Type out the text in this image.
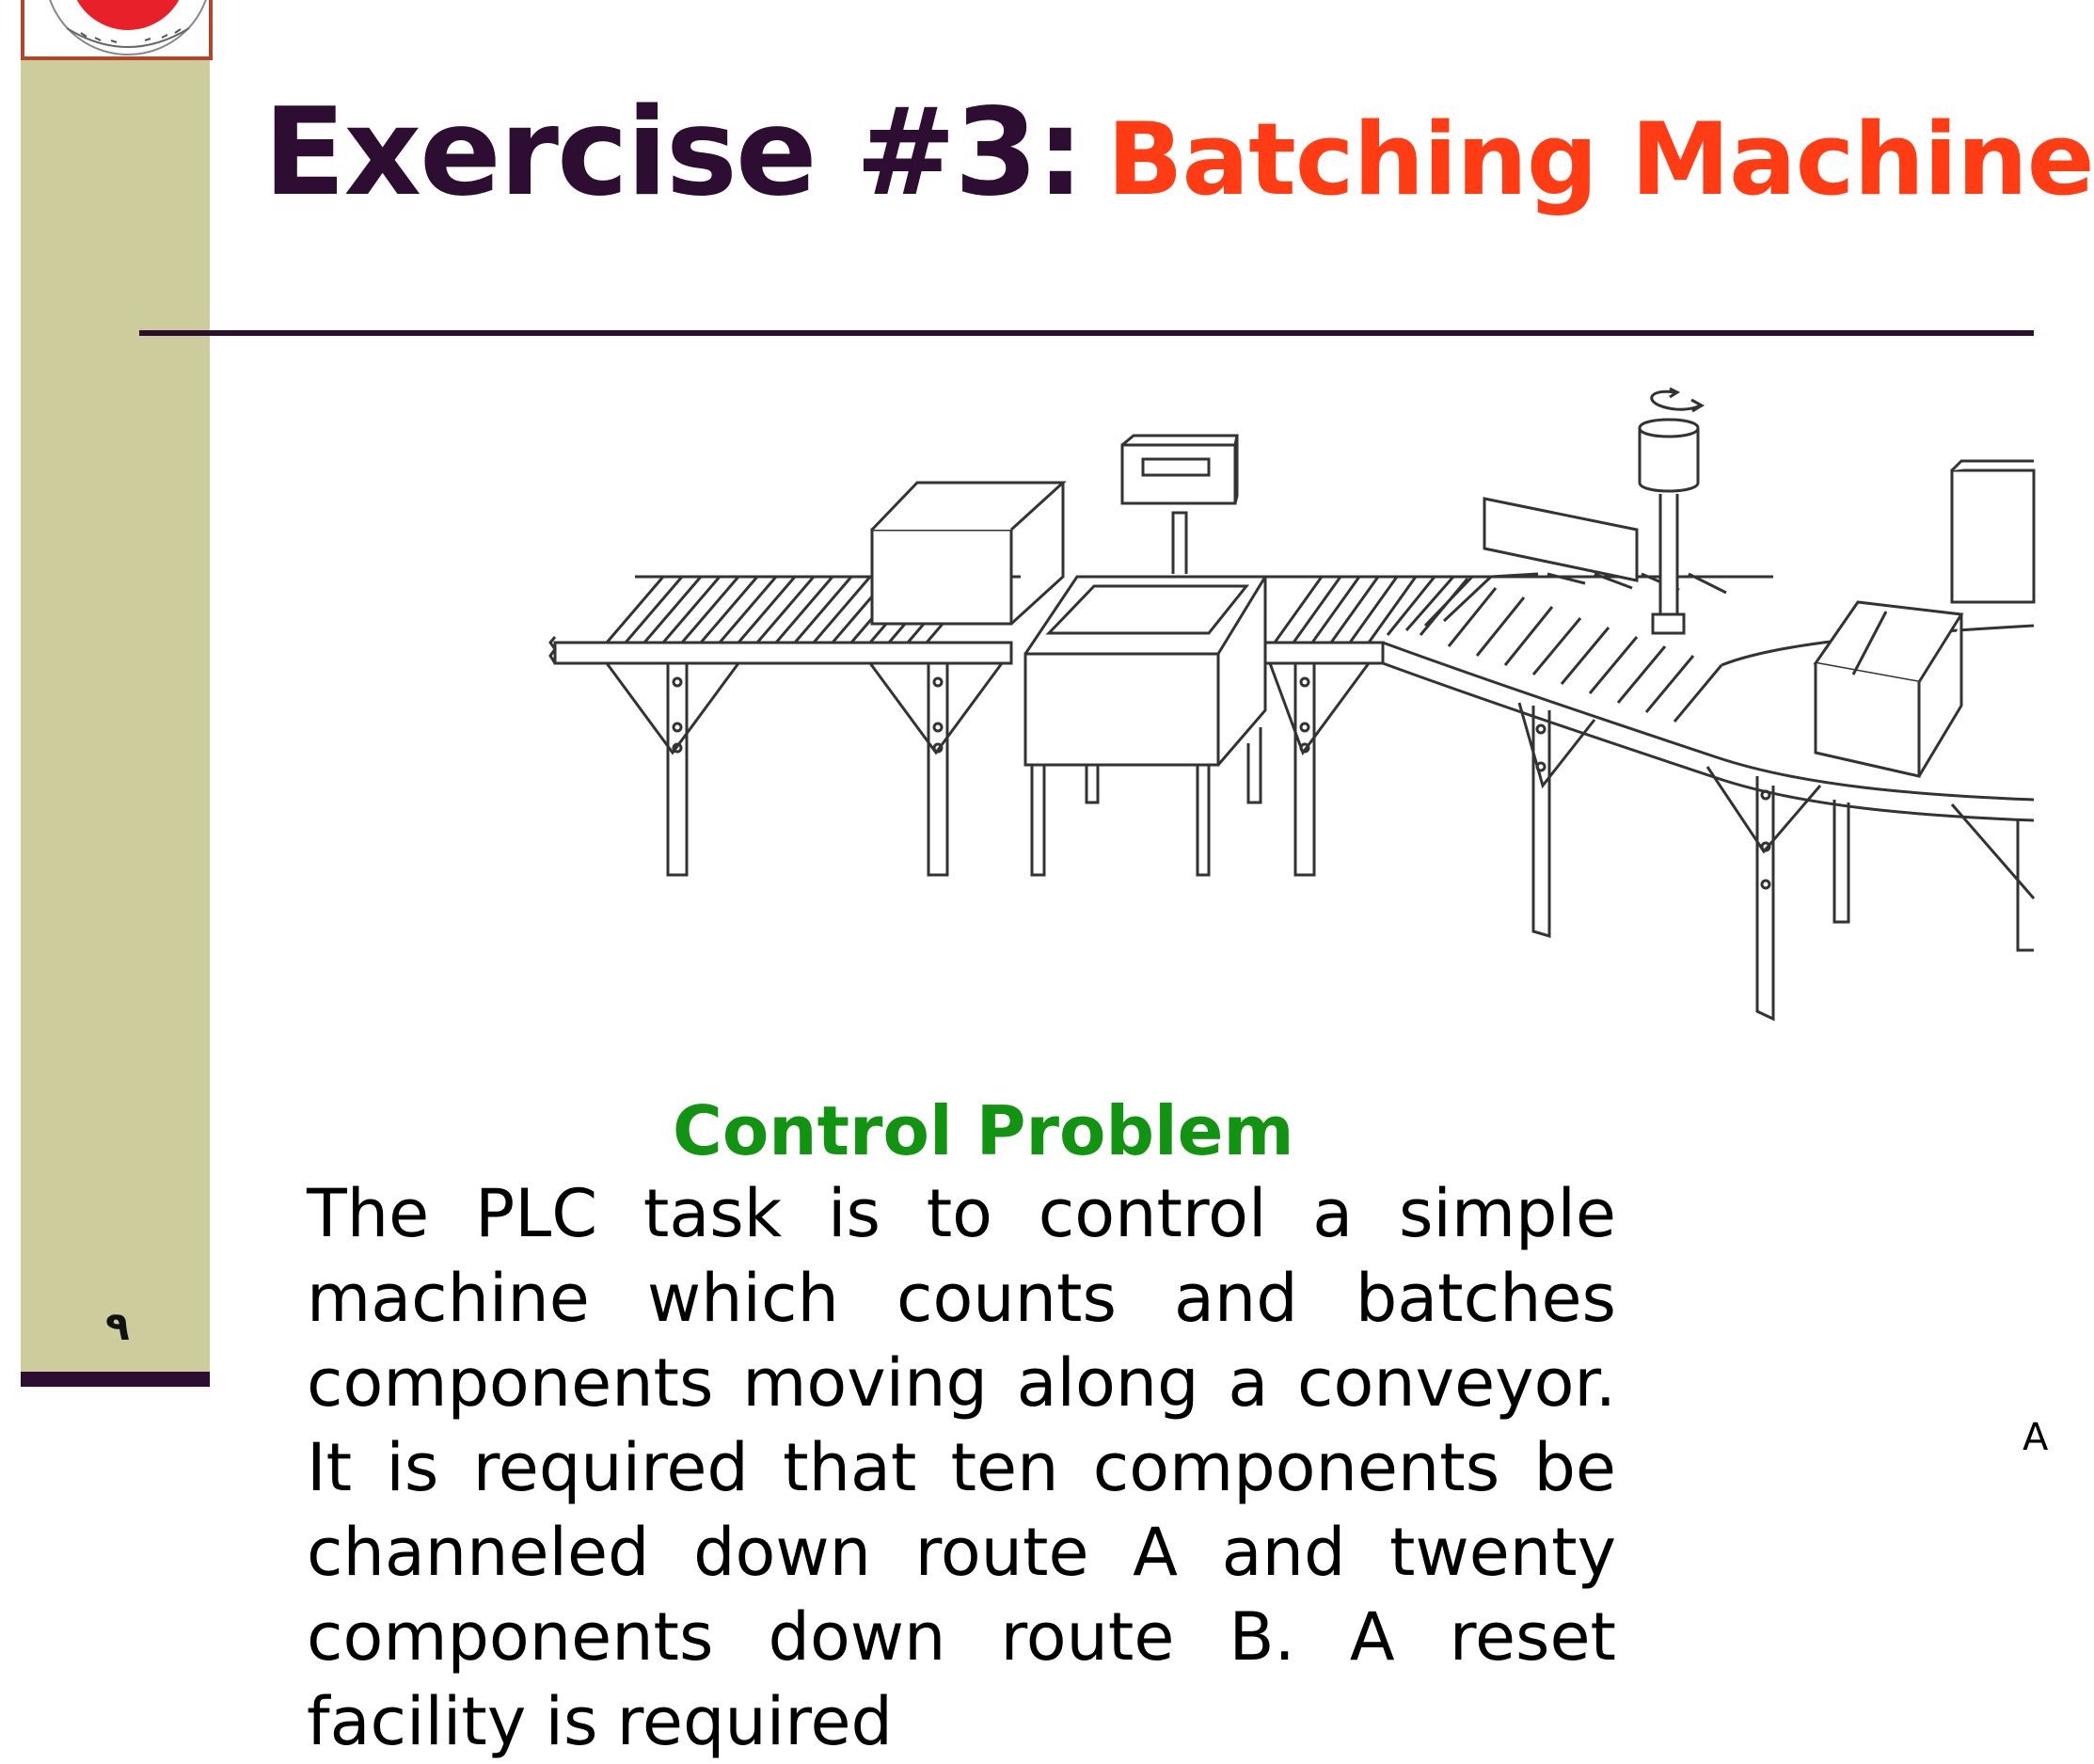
٩
Exercise #3: Batching Machine
Control Problem
The PLC task is to control a simple machine which counts and batches components moving along a conveyor. It is required that ten components be channeled down route A and twenty components down route B. A reset facility is required
A
